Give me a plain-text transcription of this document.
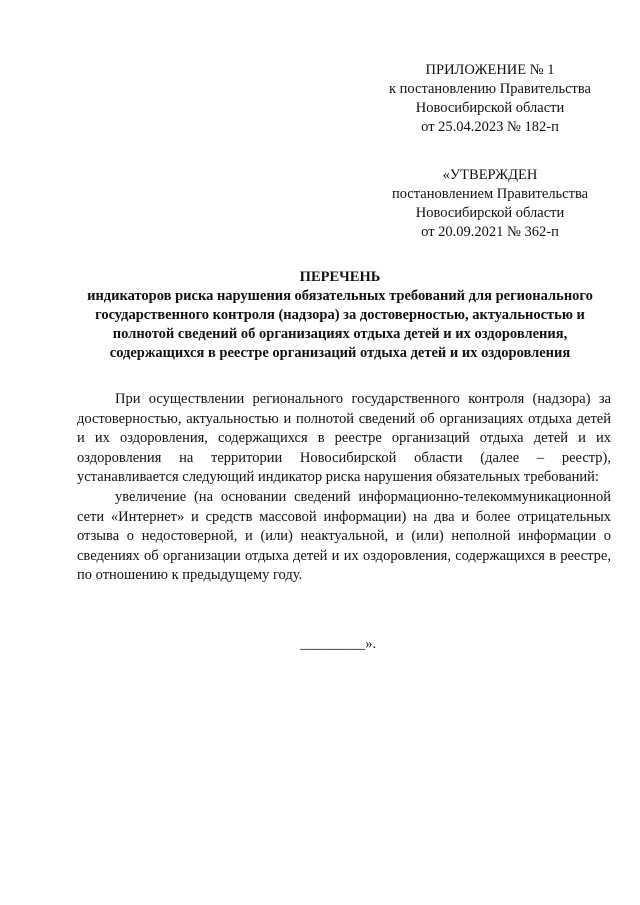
ПРИЛОЖЕНИЕ № 1
к постановлению Правительства
Новосибирской области
от 25.04.2023 № 182-п
«УТВЕРЖДЕН
постановлением Правительства
Новосибирской области
от 20.09.2021 № 362-п
ПЕРЕЧЕНЬ
индикаторов риска нарушения обязательных требований для регионального
государственного контроля (надзора) за достоверностью, актуальностью и
полнотой сведений об организациях отдыха детей и их оздоровления,
содержащихся в реестре организаций отдыха детей и их оздоровления

При осуществлении регионального государственного контроля (надзора) за достоверностью, актуальностью и полнотой сведений об организациях отдыха детей и их оздоровления, содержащихся в реестре организаций отдыха детей и их оздоровления на территории Новосибирской области (далее – реестр), устанавливается следующий индикатор риска нарушения обязательных требований:

увеличение (на основании сведений информационно-телекоммуникационной сети «Интернет» и средств массовой информации) на два и более отрицательных отзыва о недостоверной, и (или) неактуальной, и (или) неполной информации о сведениях об организации отдыха детей и их оздоровления, содержащихся в реестре, по отношению к предыдущему году.

_________».
